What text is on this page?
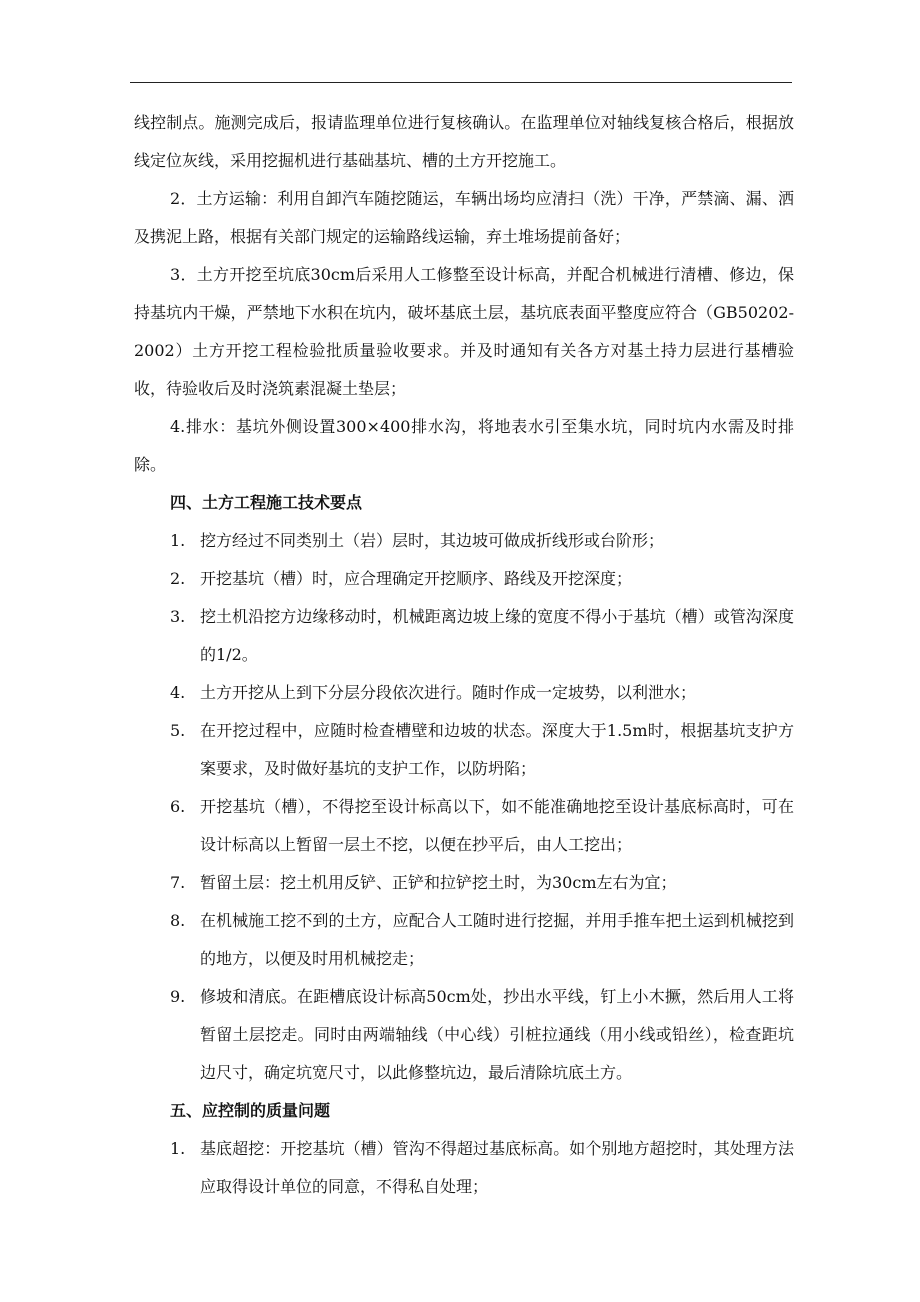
线控制点。施测完成后，报请监理单位进行复核确认。在监理单位对轴线复核合格后，根据放线定位灰线，采用挖掘机进行基础基坑、槽的土方开挖施工。

2．土方运输：利用自卸汽车随挖随运，车辆出场均应清扫（洗）干净，严禁滴、漏、洒及携泥上路，根据有关部门规定的运输路线运输，弃土堆场提前备好；

3．土方开挖至坑底30cm后采用人工修整至设计标高，并配合机械进行清槽、修边，保持基坑内干燥，严禁地下水积在坑内，破坏基底土层，基坑底表面平整度应符合（GB50202-2002）土方开挖工程检验批质量验收要求。并及时通知有关各方对基土持力层进行基槽验收，待验收后及时浇筑素混凝土垫层；

4.排水：基坑外侧设置300×400排水沟，将地表水引至集水坑，同时坑内水需及时排除。

四、土方工程施工技术要点

1. 挖方经过不同类别土（岩）层时，其边坡可做成折线形或台阶形；
2. 开挖基坑（槽）时，应合理确定开挖顺序、路线及开挖深度；
3. 挖土机沿挖方边缘移动时，机械距离边坡上缘的宽度不得小于基坑（槽）或管沟深度的1/2。
4. 土方开挖从上到下分层分段依次进行。随时作成一定坡势，以利泄水；
5. 在开挖过程中，应随时检查槽壁和边坡的状态。深度大于1.5m时，根据基坑支护方案要求，及时做好基坑的支护工作，以防坍陷；
6. 开挖基坑（槽），不得挖至设计标高以下，如不能准确地挖至设计基底标高时，可在设计标高以上暂留一层土不挖，以便在抄平后，由人工挖出；
7. 暂留土层：挖土机用反铲、正铲和拉铲挖土时，为30cm左右为宜；
8. 在机械施工挖不到的土方，应配合人工随时进行挖掘，并用手推车把土运到机械挖到的地方，以便及时用机械挖走；
9. 修坡和清底。在距槽底设计标高50cm处，抄出水平线，钉上小木撅，然后用人工将暂留土层挖走。同时由两端轴线（中心线）引桩拉通线（用小线或铅丝），检查距坑边尺寸，确定坑宽尺寸，以此修整坑边，最后清除坑底土方。

五、应控制的质量问题

1. 基底超挖：开挖基坑（槽）管沟不得超过基底标高。如个别地方超挖时，其处理方法应取得设计单位的同意，不得私自处理；
